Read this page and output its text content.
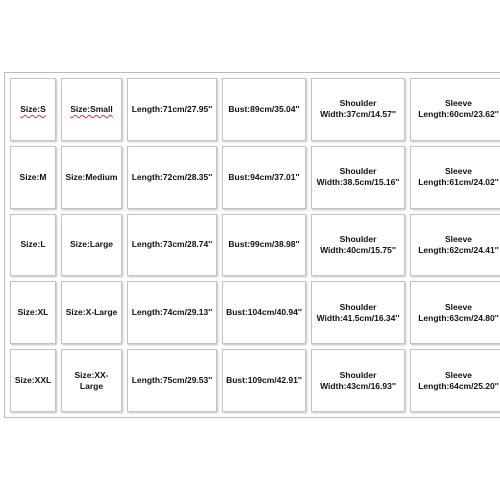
Size:S	Size:Small	Length:71cm/27.95''	Bust:89cm/35.04''	Shoulder Width:37cm/14.57''	Sleeve Length:60cm/23.62''
Size:M	Size:Medium	Length:72cm/28.35''	Bust:94cm/37.01''	Shoulder Width:38.5cm/15.16''	Sleeve Length:61cm/24.02''
Size:L	Size:Large	Length:73cm/28.74''	Bust:99cm/38.98''	Shoulder Width:40cm/15.75''	Sleeve Length:62cm/24.41''
Size:XL	Size:X-Large	Length:74cm/29.13''	Bust:104cm/40.94''	Shoulder Width:41.5cm/16.34''	Sleeve Length:63cm/24.80''
Size:XXL	Size:XX-Large	Length:75cm/29.53''	Bust:109cm/42.91''	Shoulder Width:43cm/16.93''	Sleeve Length:64cm/25.20''
